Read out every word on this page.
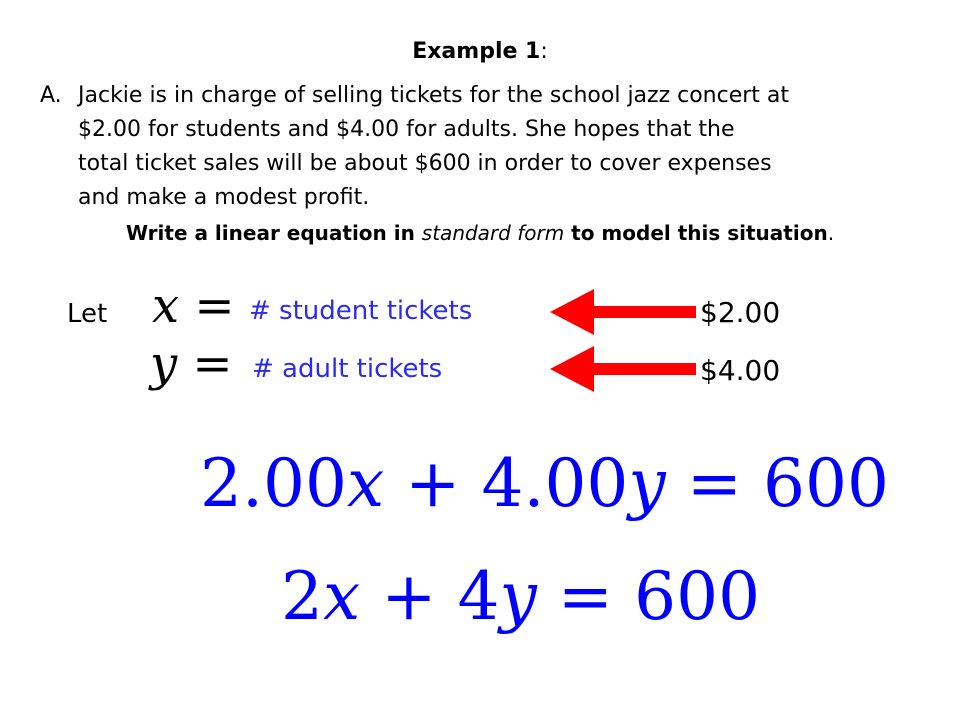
Example 1:
A. Jackie is in charge of selling tickets for the school jazz concert at
$2.00 for students and $4.00 for adults. She hopes that the
total ticket sales will be about $600 in order to cover expenses
and make a modest profit.
Write a linear equation in standard form to model this situation.
Let x = # student tickets	$2.00
y = # adult tickets	$4.00
2.00x + 4.00y = 600
2x + 4y = 600
